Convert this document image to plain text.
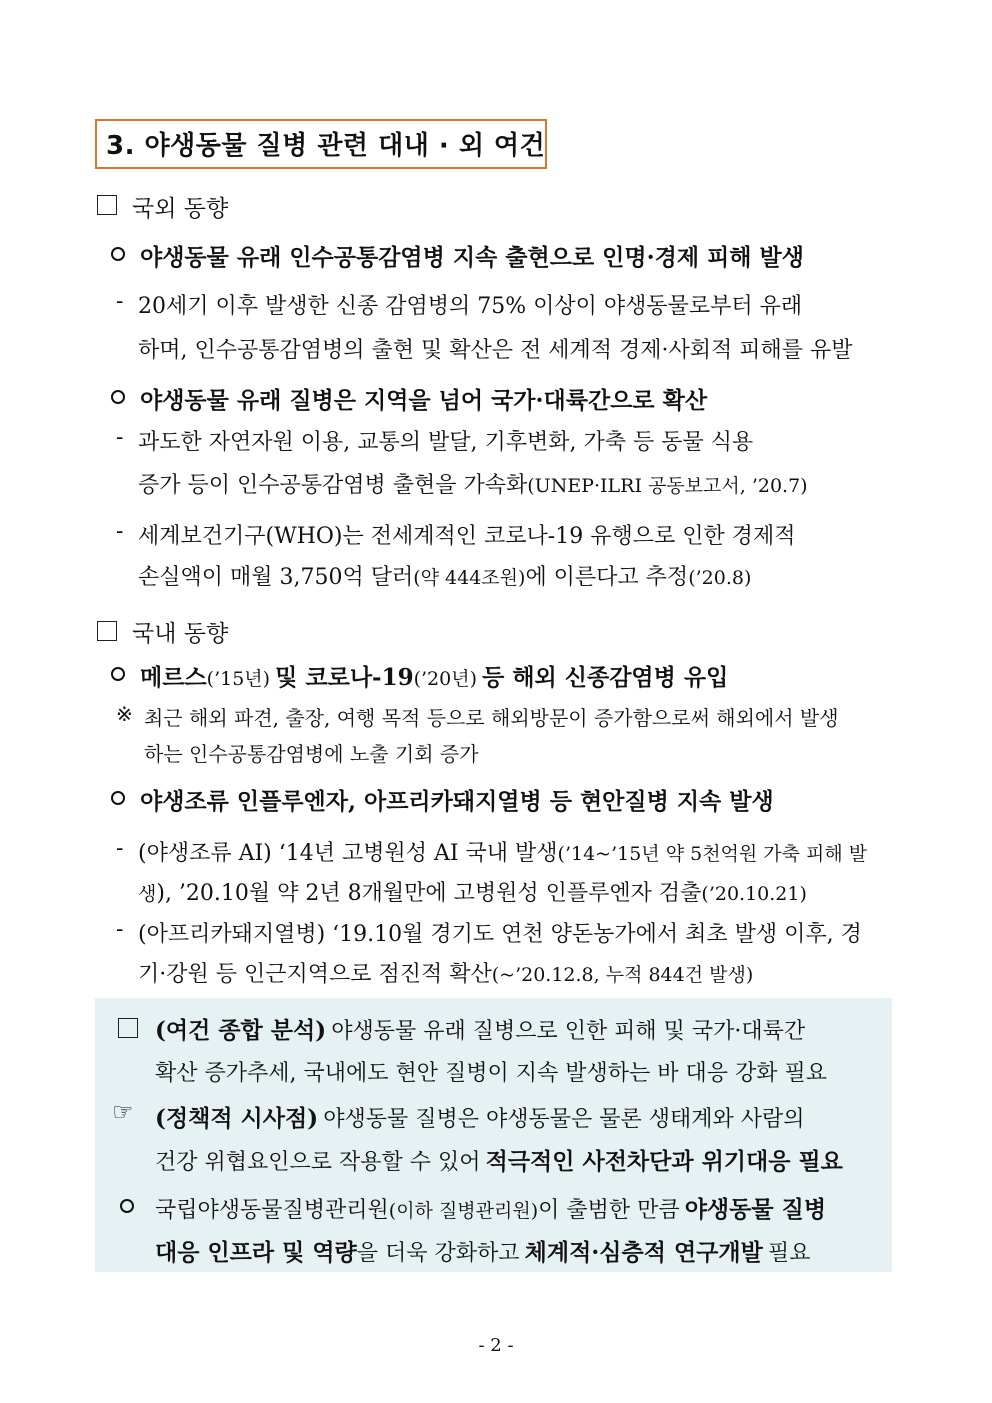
3. 야생동물 질병 관련 대내 · 외 여건
국외 동향
야생동물 유래 인수공통감염병 지속 출현으로 인명·경제 피해 발생
- 20세기 이후 발생한 신종 감염병의 75% 이상이 야생동물로부터 유래
하며, 인수공통감염병의 출현 및 확산은 전 세계적 경제·사회적 피해를 유발
야생동물 유래 질병은 지역을 넘어 국가·대륙간으로 확산
- 과도한 자연자원 이용, 교통의 발달, 기후변화, 가축 등 동물 식용
증가 등이 인수공통감염병 출현을 가속화(UNEP·ILRI 공동보고서, ’20.7)
- 세계보건기구(WHO)는 전세계적인 코로나-19 유행으로 인한 경제적
손실액이 매월 3,750억 달러(약 444조원)에 이른다고 추정(’20.8)
국내 동향
메르스(’15년) 및 코로나-19(’20년) 등 해외 신종감염병 유입
※ 최근 해외 파견, 출장, 여행 목적 등으로 해외방문이 증가함으로써 해외에서 발생
하는 인수공통감염병에 노출 기회 증가
야생조류 인플루엔자, 아프리카돼지열병 등 현안질병 지속 발생
- (야생조류 AI) ‘14년 고병원성 AI 국내 발생(’14~’15년 약 5천억원 가축 피해 발
생), ’20.10월 약 2년 8개월만에 고병원성 인플루엔자 검출(’20.10.21)
- (아프리카돼지열병) ‘19.10월 경기도 연천 양돈농가에서 최초 발생 이후, 경
기·강원 등 인근지역으로 점진적 확산(~’20.12.8, 누적 844건 발생)
(여건 종합 분석) 야생동물 유래 질병으로 인한 피해 및 국가·대륙간
확산 증가추세, 국내에도 현안 질병이 지속 발생하는 바 대응 강화 필요
☞ (정책적 시사점) 야생동물 질병은 야생동물은 물론 생태계와 사람의
건강 위협요인으로 작용할 수 있어 적극적인 사전차단과 위기대응 필요
국립야생동물질병관리원(이하 질병관리원)이 출범한 만큼 야생동물 질병
대응 인프라 및 역량을 더욱 강화하고 체계적·심층적 연구개발 필요
- 2 -
